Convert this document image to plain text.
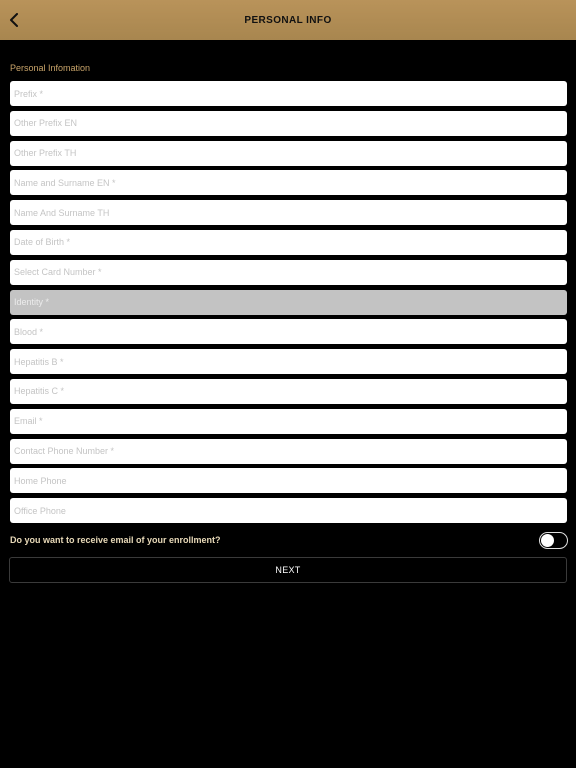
PERSONAL INFO
Personal Infomation
Prefix *
Other Prefix EN
Other Prefix TH
Name and Surname EN *
Name And Surname TH
Date of Birth *
Select Card Number *
Identity *
Blood *
Hepatitis B *
Hepatitis C *
Email *
Contact Phone Number *
Home Phone
Office Phone
Do you want to receive email of your enrollment?
NEXT
